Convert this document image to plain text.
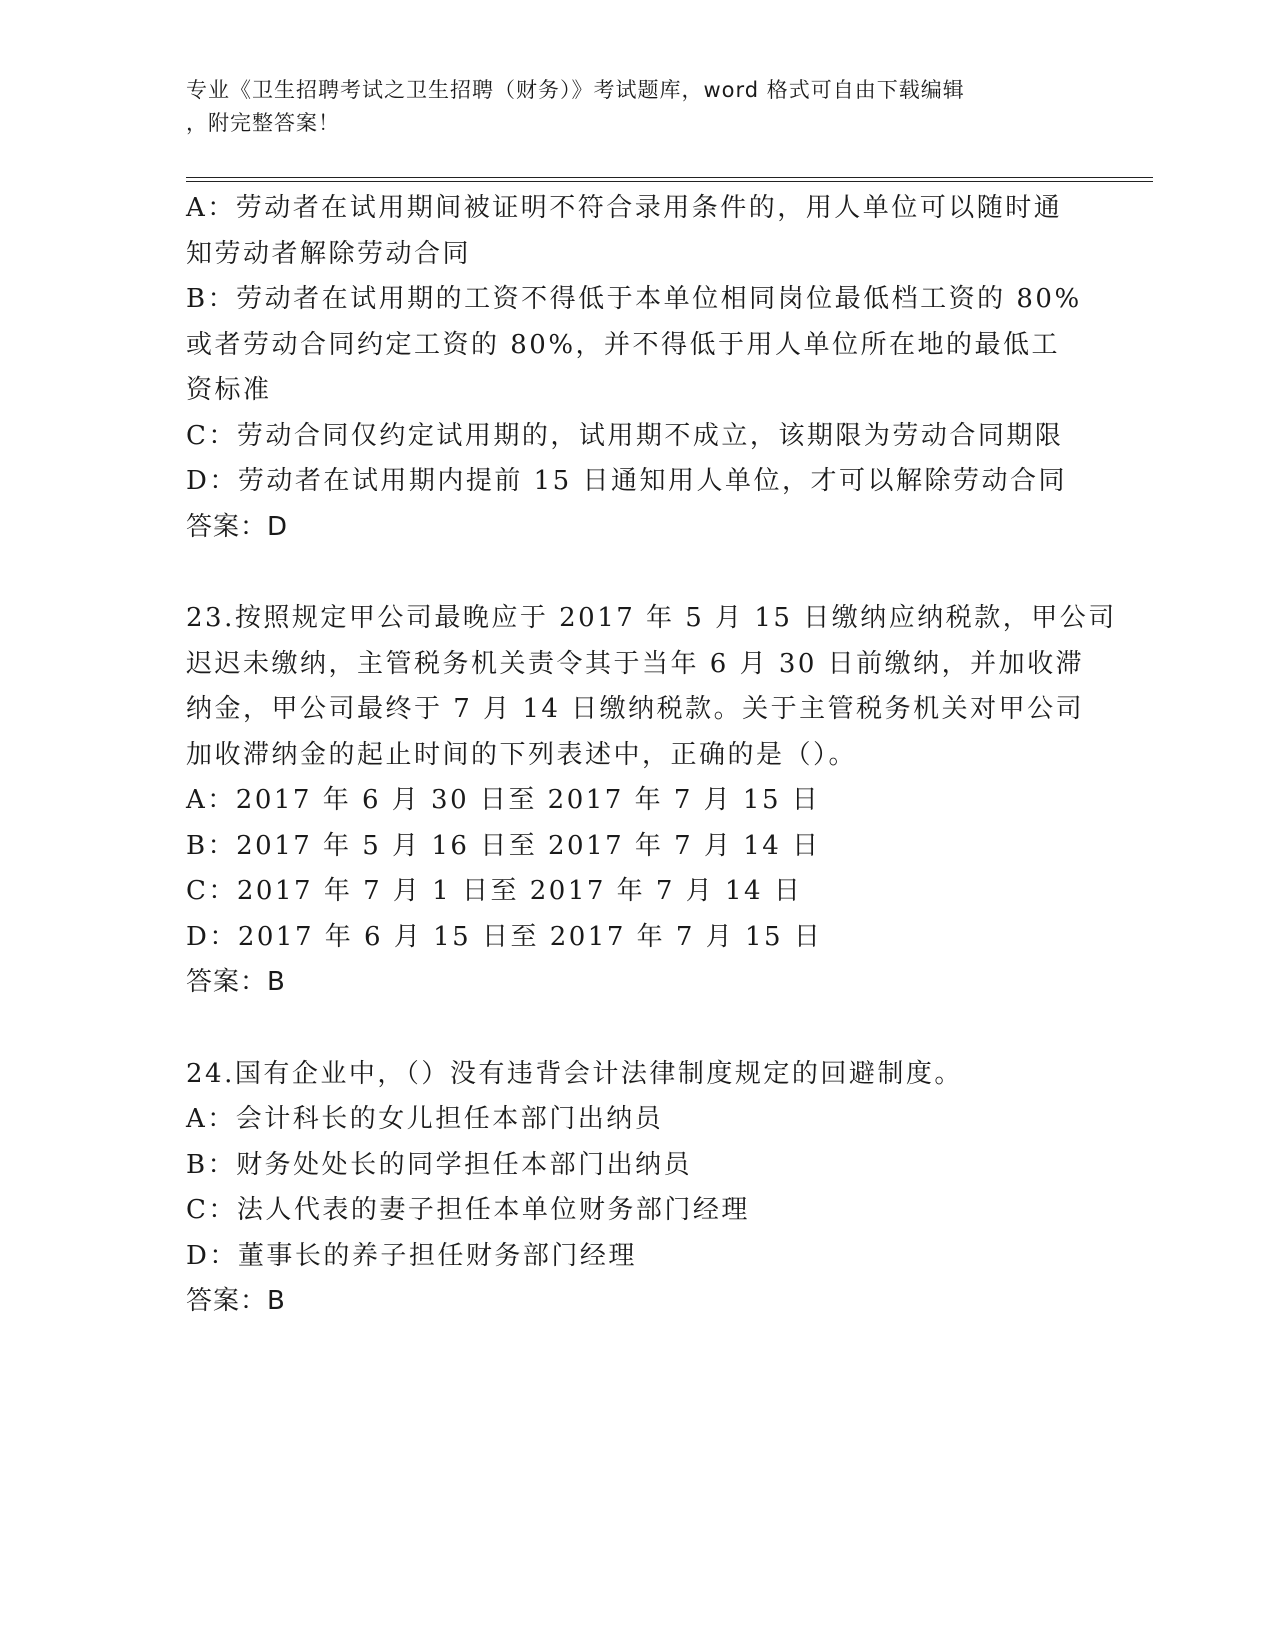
专业《卫生招聘考试之卫生招聘（财务）》考试题库，word 格式可自由下载编辑
，附完整答案！
A：劳动者在试用期间被证明不符合录用条件的，用人单位可以随时通
知劳动者解除劳动合同
B：劳动者在试用期的工资不得低于本单位相同岗位最低档工资的 80%
或者劳动合同约定工资的 80%，并不得低于用人单位所在地的最低工
资标准
C：劳动合同仅约定试用期的，试用期不成立，该期限为劳动合同期限
D：劳动者在试用期内提前 15 日通知用人单位，才可以解除劳动合同
答案：D
23.按照规定甲公司最晚应于 2017 年 5 月 15 日缴纳应纳税款，甲公司
迟迟未缴纳，主管税务机关责令其于当年 6 月 30 日前缴纳，并加收滞
纳金，甲公司最终于 7 月 14 日缴纳税款。关于主管税务机关对甲公司
加收滞纳金的起止时间的下列表述中，正确的是（）。
A：2017 年 6 月 30 日至 2017 年 7 月 15 日
B：2017 年 5 月 16 日至 2017 年 7 月 14 日
C：2017 年 7 月 1 日至 2017 年 7 月 14 日
D：2017 年 6 月 15 日至 2017 年 7 月 15 日
答案：B
24.国有企业中，（）没有违背会计法律制度规定的回避制度。
A：会计科长的女儿担任本部门出纳员
B：财务处处长的同学担任本部门出纳员
C：法人代表的妻子担任本单位财务部门经理
D：董事长的养子担任财务部门经理
答案：B
